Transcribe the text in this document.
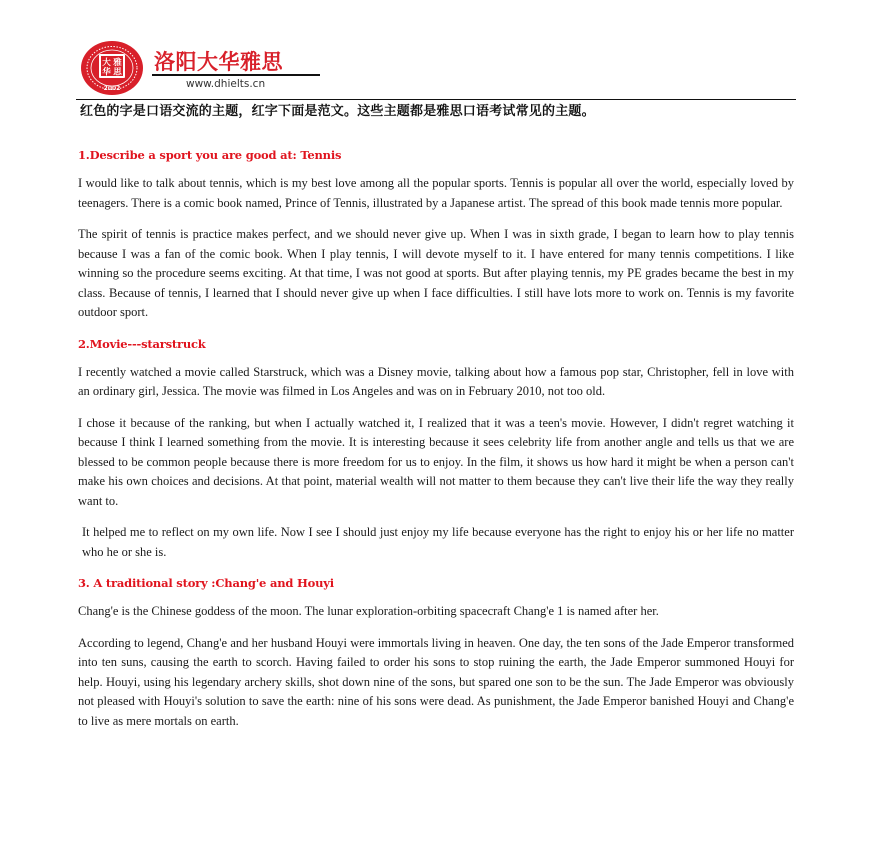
大 雅
华 思
2002
洛阳大华雅思
www.dhielts.cn
红色的字是口语交流的主题，红字下面是范文。这些主题都是雅思口语考试常见的主题。
1.Describe a sport you are good at: Tennis

I would like to talk about tennis, which is my best love among all the popular sports. Tennis is popular all over the world, especially loved by teenagers. There is a comic book named, Prince of Tennis, illustrated by a Japanese artist. The spread of this book made tennis more popular.

The spirit of tennis is practice makes perfect, and we should never give up. When I was in sixth grade, I began to learn how to play tennis because I was a fan of the comic book. When I play tennis, I will devote myself to it. I have entered for many tennis competitions. I like winning so the procedure seems exciting. At that time, I was not good at sports. But after playing tennis, my PE grades became the best in my class. Because of tennis, I learned that I should never give up when I face difficulties. I still have lots more to work on. Tennis is my favorite outdoor sport.

2.Movie---starstruck

I recently watched a movie called Starstruck, which was a Disney movie, talking about how a famous pop star, Christopher, fell in love with an ordinary girl, Jessica. The movie was filmed in Los Angeles and was on in February 2010, not too old.

I chose it because of the ranking, but when I actually watched it, I realized that it was a teen's movie. However, I didn't regret watching it because I think I learned something from the movie. It is interesting because it sees celebrity life from another angle and tells us that we are blessed to be common people because there is more freedom for us to enjoy. In the film, it shows us how hard it might be when a person can't make his own choices and decisions. At that point, material wealth will not matter to them because they can't live their life the way they really want to.

It helped me to reflect on my own life. Now I see I should just enjoy my life because everyone has the right to enjoy his or her life no matter who he or she is.

3. A traditional story :Chang'e and Houyi

Chang'e is the Chinese goddess of the moon. The lunar exploration-orbiting spacecraft Chang'e 1 is named after her.

According to legend, Chang'e and her husband Houyi were immortals living in heaven. One day, the ten sons of the Jade Emperor transformed into ten suns, causing the earth to scorch. Having failed to order his sons to stop ruining the earth, the Jade Emperor summoned Houyi for help. Houyi, using his legendary archery skills, shot down nine of the sons, but spared one son to be the sun. The Jade Emperor was obviously not pleased with Houyi's solution to save the earth: nine of his sons were dead. As punishment, the Jade Emperor banished Houyi and Chang'e to live as mere mortals on earth.
